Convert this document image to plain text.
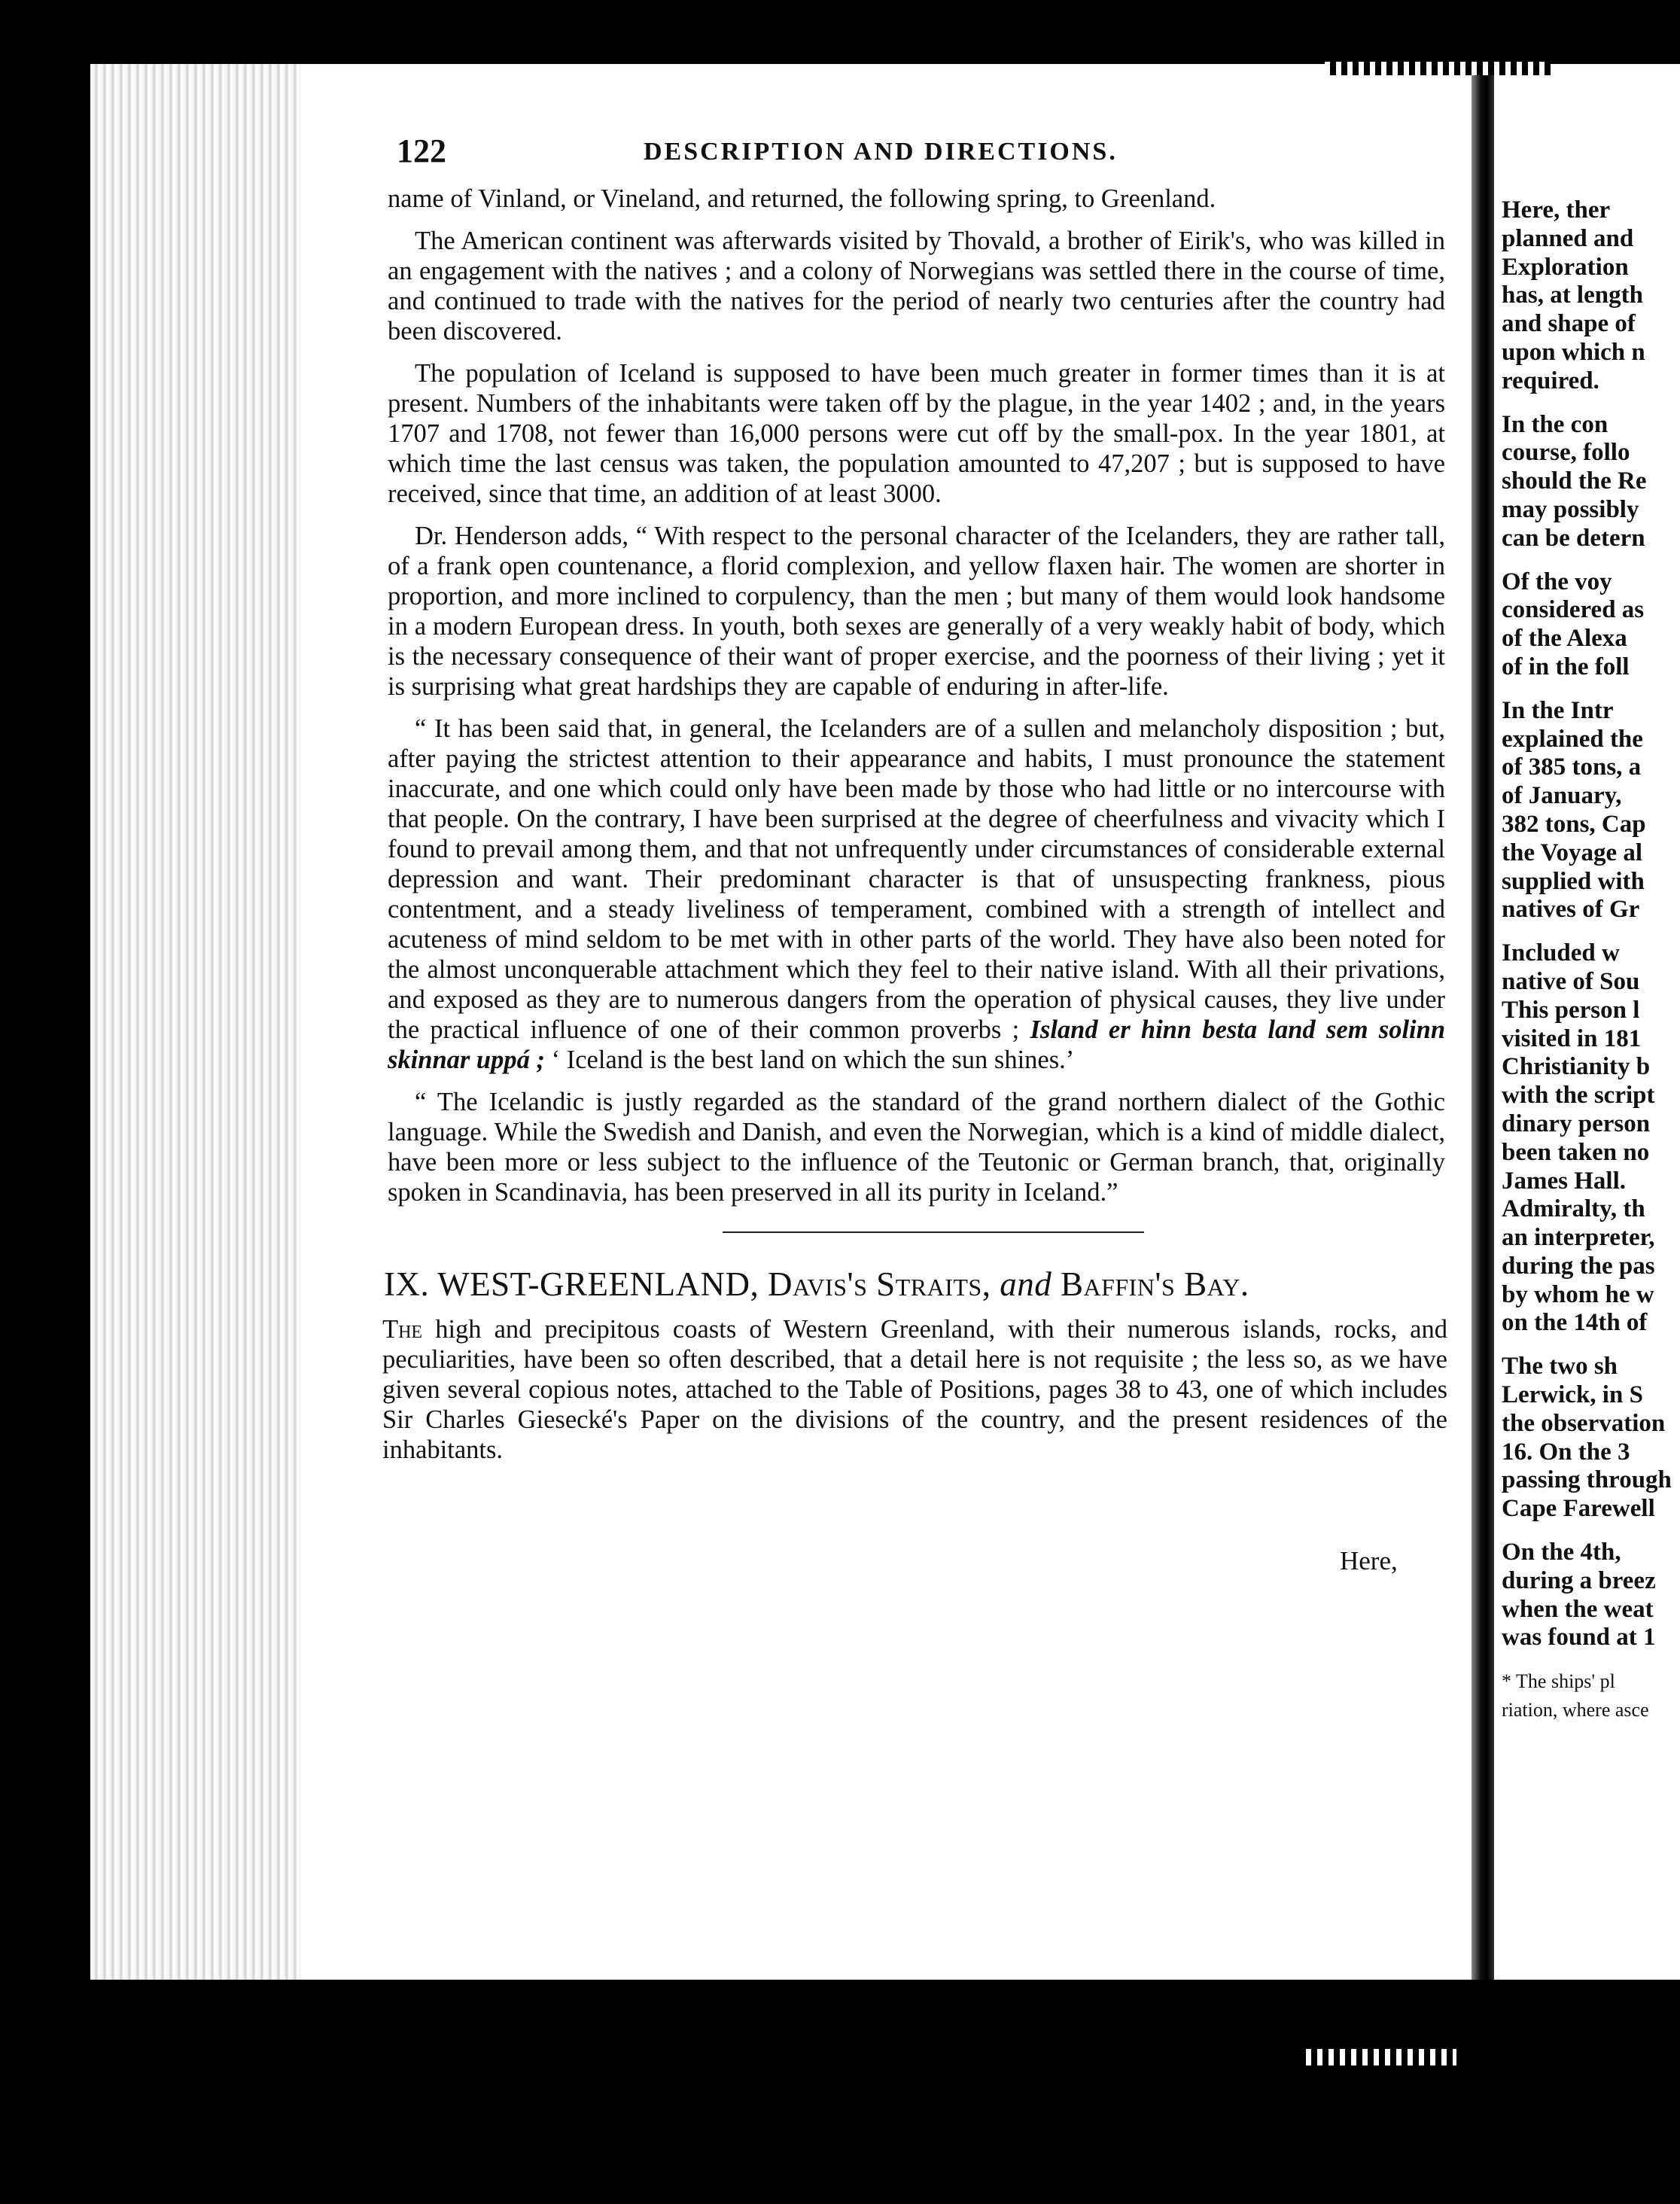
Here, ther
planned and
Exploration
has, at length
and shape of
upon which n
required.
In the con
course, follo
should the Re
may possibly
can be detern
Of the voy
considered as
of the Alexa
of in the foll
In the Intr
explained the
of 385 tons, a
of January,
382 tons, Cap
the Voyage al
supplied with
natives of Gr
Included w
native of Sou
This person l
visited in 181
Christianity b
with the script
dinary person
been taken no
James Hall.
Admiralty, th
an interpreter,
during the pas
by whom he w
on the 14th of
The two sh
Lerwick, in S
the observation
16. On the 3
passing through
Cape Farewell
On the 4th,
during a breez
when the weat
was found at 1
* The ships' pl
riation, where asce
122	DESCRIPTION AND DIRECTIONS.

name of Vinland, or Vineland, and returned, the following spring, to Greenland.

The American continent was afterwards visited by Thovald, a brother of Eirik's, who was killed in an engagement with the natives ; and a colony of Norwegians was settled there in the course of time, and continued to trade with the natives for the period of nearly two centuries after the country had been discovered.

The population of Iceland is supposed to have been much greater in former times than it is at present. Numbers of the inhabitants were taken off by the plague, in the year 1402 ; and, in the years 1707 and 1708, not fewer than 16,000 persons were cut off by the small-pox. In the year 1801, at which time the last census was taken, the population amounted to 47,207 ; but is supposed to have received, since that time, an addition of at least 3000.

Dr. Henderson adds, “ With respect to the personal character of the Icelanders, they are rather tall, of a frank open countenance, a florid complexion, and yellow flaxen hair. The women are shorter in proportion, and more inclined to corpulency, than the men ; but many of them would look handsome in a modern European dress. In youth, both sexes are generally of a very weakly habit of body, which is the necessary consequence of their want of proper exercise, and the poorness of their living ; yet it is surprising what great hardships they are capable of enduring in after-life.

“ It has been said that, in general, the Icelanders are of a sullen and melancholy disposition ; but, after paying the strictest attention to their appearance and habits, I must pronounce the statement inaccurate, and one which could only have been made by those who had little or no intercourse with that people. On the contrary, I have been surprised at the degree of cheerfulness and vivacity which I found to prevail among them, and that not unfrequently under circumstances of considerable external depression and want. Their predominant character is that of unsuspecting frankness, pious contentment, and a steady liveliness of temperament, combined with a strength of intellect and acuteness of mind seldom to be met with in other parts of the world. They have also been noted for the almost unconquerable attachment which they feel to their native island. With all their privations, and exposed as they are to numerous dangers from the operation of physical causes, they live under the practical influence of one of their common proverbs ; Island er hinn besta land sem solinn skinnar uppá ; ‘ Iceland is the best land on which the sun shines.’

“ The Icelandic is justly regarded as the standard of the grand northern dialect of the Gothic language. While the Swedish and Danish, and even the Norwegian, which is a kind of middle dialect, have been more or less subject to the influence of the Teutonic or German branch, that, originally spoken in Scandinavia, has been preserved in all its purity in Iceland.”

IX. WEST-GREENLAND, Davis's Straits, and Baffin's Bay.

The high and precipitous coasts of Western Greenland, with their numerous islands, rocks, and peculiarities, have been so often described, that a detail here is not requisite ; the less so, as we have given several copious notes, attached to the Table of Positions, pages 38 to 43, one of which includes Sir Charles Giesecké's Paper on the divisions of the country, and the present residences of the inhabitants.

Here,
